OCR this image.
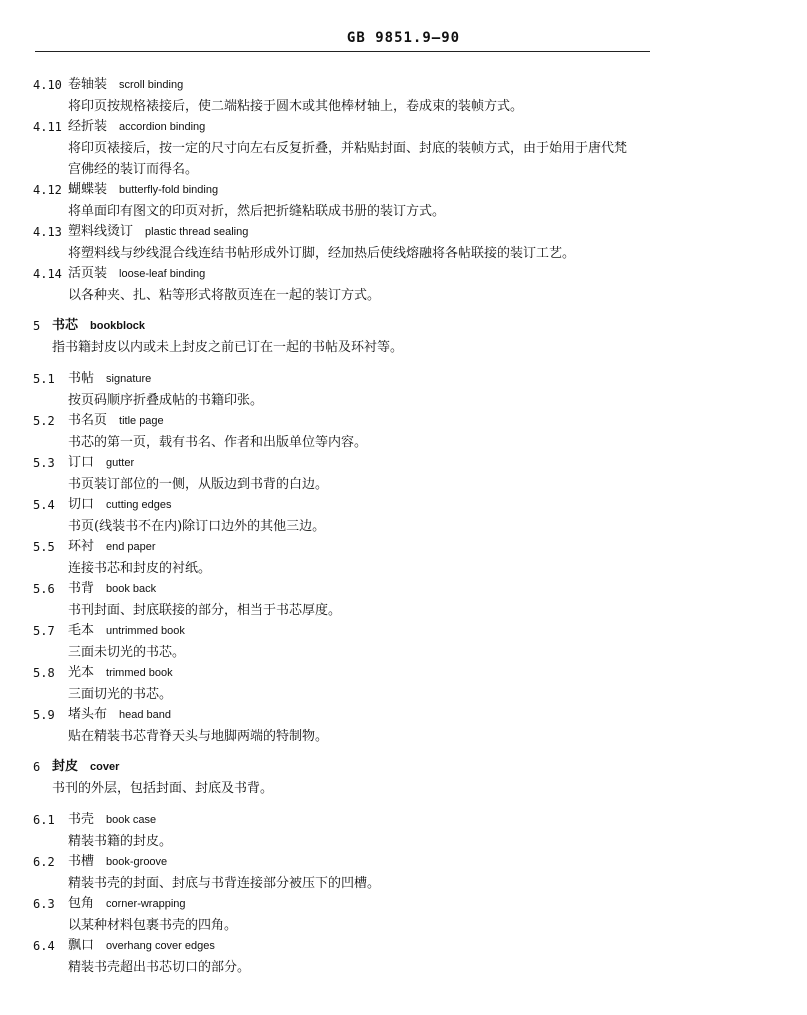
GB 9851.9—90
4.10 卷轴装 scroll binding
将印页按规格裱接后，使二端粘接于圆木或其他棒材轴上，卷成束的装帧方式。
4.11 经折装 accordion binding
将印页裱接后，按一定的尺寸向左右反复折叠，并粘贴封面、封底的装帧方式，由于始用于唐代梵
宫佛经的装订而得名。
4.12 蝴蝶装 butterfly-fold binding
将单面印有图文的印页对折，然后把折缝粘联成书册的装订方式。
4.13 塑料线烫订 plastic thread sealing
将塑料线与纱线混合线连结书帖形成外订脚，经加热后使线熔融将各帖联接的装订工艺。
4.14 活页装 loose-leaf binding
以各种夹、扎、粘等形式将散页连在一起的装订方式。
5 书芯 bookblock
指书籍封皮以内或未上封皮之前已订在一起的书帖及环衬等。
5.1 书帖 signature
按页码顺序折叠成帖的书籍印张。
5.2 书名页 title page
书芯的第一页，载有书名、作者和出版单位等内容。
5.3 订口 gutter
书页装订部位的一侧，从版边到书背的白边。
5.4 切口 cutting edges
书页(线装书不在内)除订口边外的其他三边。
5.5 环衬 end paper
连接书芯和封皮的衬纸。
5.6 书背 book back
书刊封面、封底联接的部分，相当于书芯厚度。
5.7 毛本 untrimmed book
三面未切光的书芯。
5.8 光本 trimmed book
三面切光的书芯。
5.9 堵头布 head band
贴在精装书芯背脊天头与地脚两端的特制物。
6 封皮 cover
书刊的外层，包括封面、封底及书背。
6.1 书壳 book case
精装书籍的封皮。
6.2 书槽 book-groove
精装书壳的封面、封底与书背连接部分被压下的凹槽。
6.3 包角 corner-wrapping
以某种材料包裹书壳的四角。
6.4 飘口 overhang cover edges
精装书壳超出书芯切口的部分。
